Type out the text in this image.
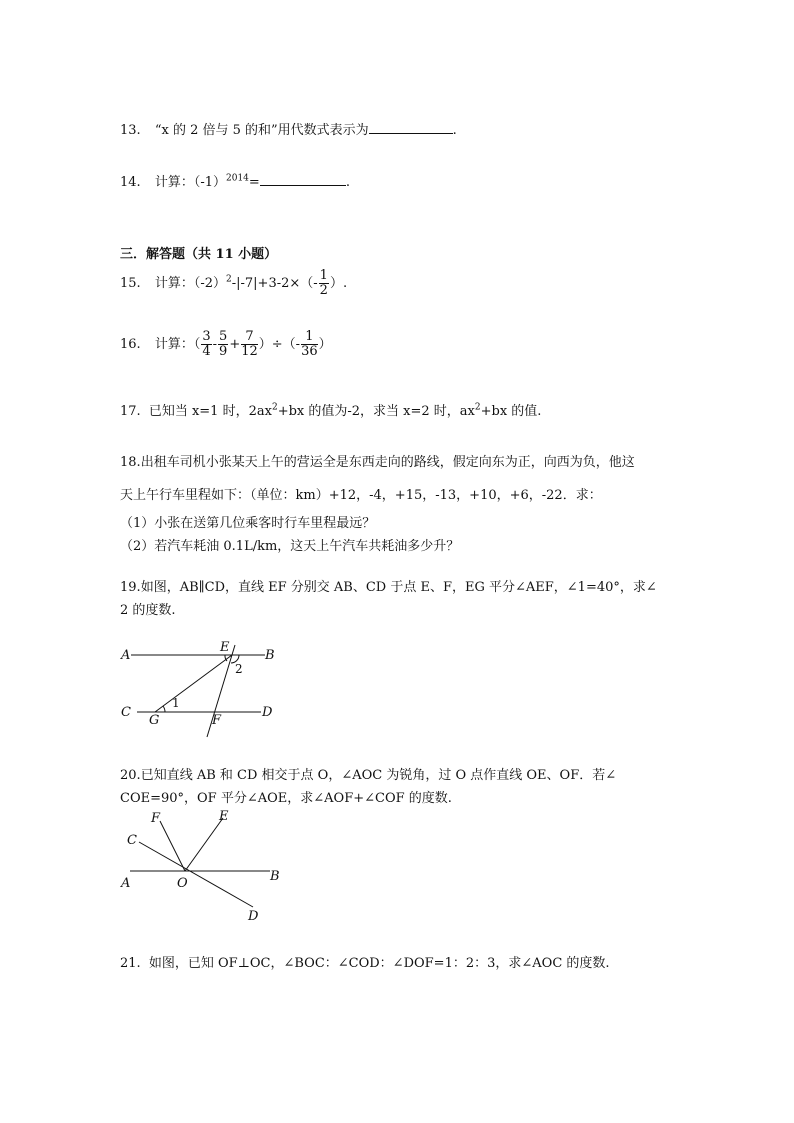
13. “x 的 2 倍与 5 的和”用代数式表示为	.
14. 计算：$(-1)^{2014}=$	.
三．解答题（共 11 小题）
15. 计算：$(-2)^2-|-7|+3-2\times(- \frac{1}{2}$ ）.
16. 计算：（ $\frac{3}{4} - \frac{5}{9} + \frac{7}{12}$ ）÷（- $\frac{1}{36}$ ）
17. 已知当 x=1 时，$2ax^2+bx$ 的值为-2，求当 x=2 时，$ax^2+bx$ 的值.
18.出租车司机小张某天上午的营运全是东西走向的路线，假定向东为正，向西为负，他这
天上午行车里程如下：（单位：km）+12，-4，+15，-13，+10，+6，-22．求：
（1）小张在送第几位乘客时行车里程最远？
（2）若汽车耗油 0.1L/km，这天上午汽车共耗油多少升？
19.如图，AB∥CD，直线 EF 分别交 AB、CD 于点 E、F，EG 平分∠AEF，∠1=40°，求∠
2 的度数.
A	B
C	D
E
F
G
1
2
20.已知直线 AB 和 CD 相交于点 O，∠AOC 为锐角，过 O 点作直线 OE、OF．若∠
COE=90°，OF 平分∠AOE，求∠AOF+∠COF 的度数.
A	B
C
D
E
F
O
21. 如图，已知 OF⊥OC，∠BOC：∠COD：∠DOF=1：2：3，求∠AOC 的度数.
